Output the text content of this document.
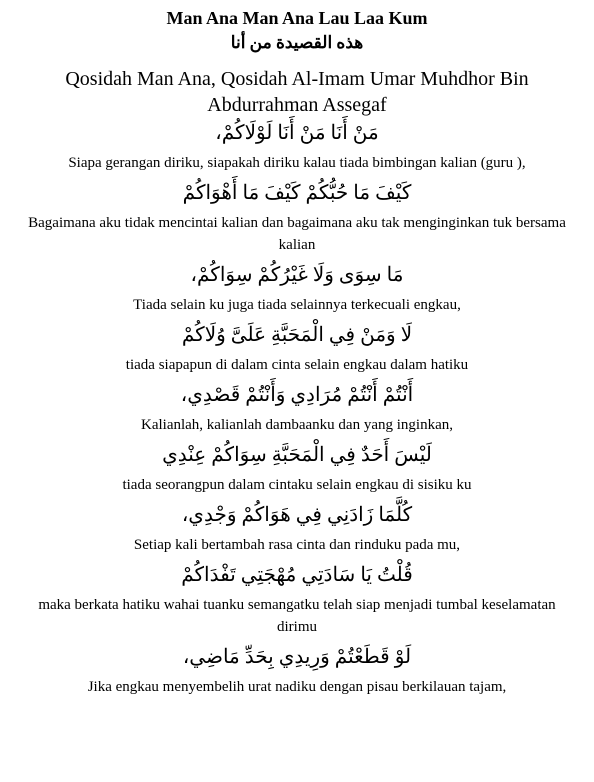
Man Ana Man Ana Lau Laa Kum

هذه القصيدة من أنا

Qosidah Man Ana, Qosidah Al-Imam Umar Muhdhor Bin Abdurrahman Assegaf

مَنْ أَنَا مَنْ أَنَا لَوْلَاكُمْ،

Siapa gerangan diriku, siapakah diriku kalau tiada bimbingan kalian (guru ),

كَيْفَ مَا حُبُّكُمْ كَيْفَ مَا أَهْوَاكُمْ

Bagaimana aku tidak mencintai kalian dan bagaimana aku tak menginginkan tuk bersama kalian

مَا سِوَى وَلَا غَيْرُكُمْ سِوَاكُمْ،

Tiada selain ku juga tiada selainnya terkecuali engkau,

لَا وَمَنْ فِي الْمَحَبَّةِ عَلَىَّ وُلَاكُمْ

tiada siapapun di dalam cinta selain engkau dalam hatiku

أَنْتُمْ أَنْتُمْ مُرَادِي وَأَنْتُمْ قَصْدِي،

Kalianlah, kalianlah dambaanku dan yang inginkan,

لَيْسَ أَحَدٌ فِي الْمَحَبَّةِ سِوَاكُمْ عِنْدِي

tiada seorangpun dalam cintaku selain engkau di sisiku ku

كُلَّمَا زَادَنِي فِي هَوَاكُمْ وَجْدِي،

Setiap kali bertambah rasa cinta dan rinduku pada mu,

قُلْتُ يَا سَادَتِي مُهْجَتِي تَفْدَاكُمْ

maka berkata hatiku wahai tuanku semangatku telah siap menjadi tumbal keselamatan dirimu

لَوْ قَطَعْتُمْ وَرِيدِي بِحَدِّ مَاضِي،

Jika engkau menyembelih urat nadiku dengan pisau berkilauan tajam,
